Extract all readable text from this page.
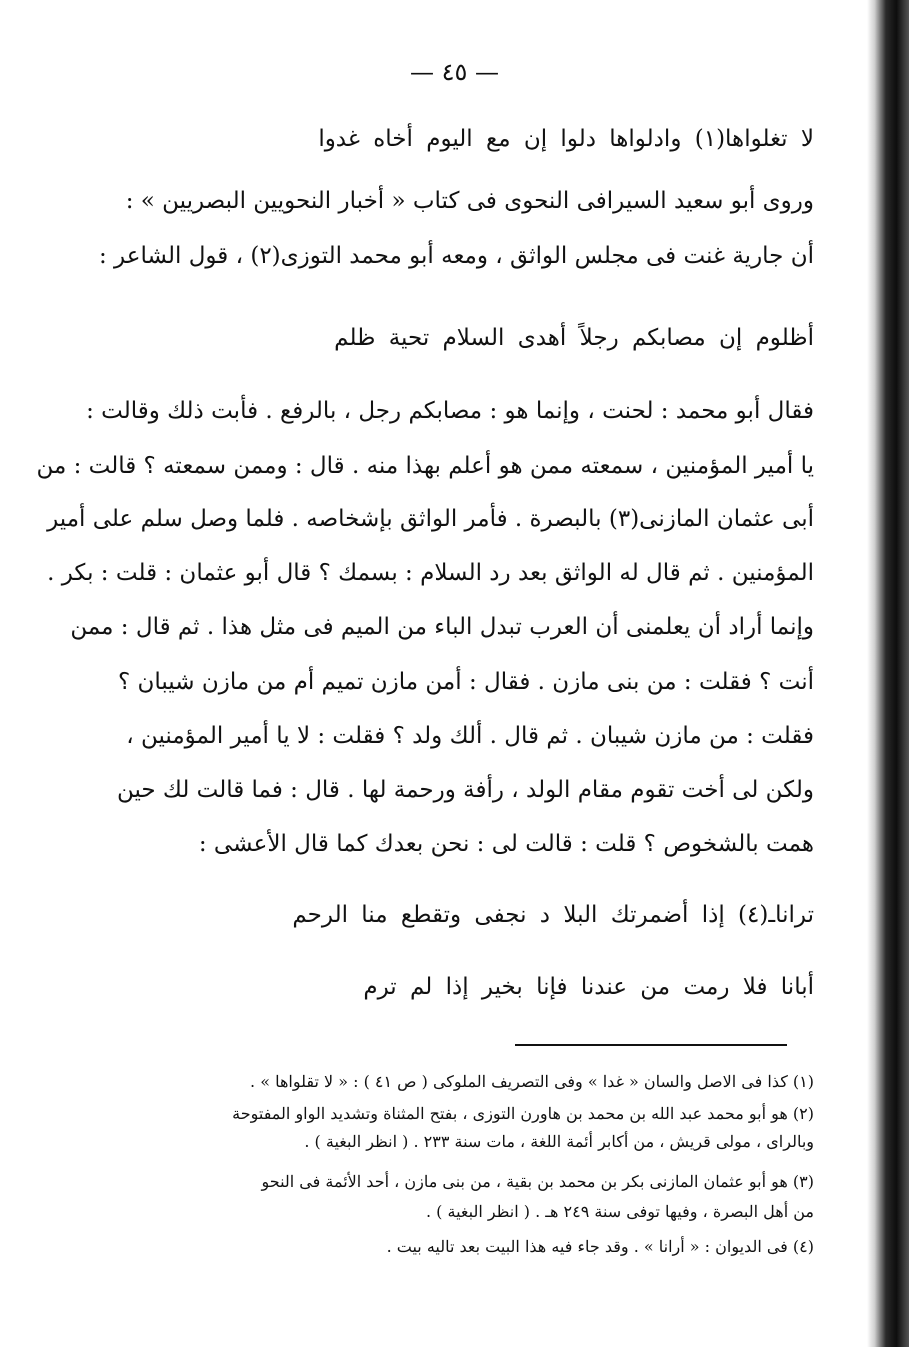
— ٤٥ —
لا تغلواها(١) وادلواها دلوا إن مع اليوم أخاه غدوا
وروى أبو سعيد السيرافى النحوى فى كتاب « أخبار النحويين البصريين » :
أن جارية غنت فى مجلس الواثق ، ومعه أبو محمد التوزى(٢) ، قول الشاعر :
أظلوم إن مصابكم رجلاً أهدى السلام تحية ظلم
فقال أبو محمد : لحنت ، وإنما هو : مصابكم رجل ، بالرفع . فأبت ذلك وقالت :
يا أمير المؤمنين ، سمعته ممن هو أعلم بهذا منه . قال : وممن سمعته ؟ قالت : من
أبى عثمان المازنى(٣) بالبصرة . فأمر الواثق بإشخاصه . فلما وصل سلم على أمير
المؤمنين . ثم قال له الواثق بعد رد السلام : بسمك ؟ قال أبو عثمان : قلت : بكر .
وإنما أراد أن يعلمنى أن العرب تبدل الباء من الميم فى مثل هذا . ثم قال : ممن
أنت ؟ فقلت : من بنى مازن . فقال : أمن مازن تميم أم من مازن شيبان ؟
فقلت : من مازن شيبان . ثم قال . ألك ولد ؟ فقلت : لا يا أمير المؤمنين ،
ولكن لى أخت تقوم مقام الولد ، رأفة ورحمة لها . قال : فما قالت لك حين
همت بالشخوص ؟ قلت : قالت لى : نحن بعدك كما قال الأعشى :
تراناـ(٤) إذا أضمرتك البلا د نجفى وتقطع منا الرحم
أبانا فلا رمت من عندنا فإنا بخير إذا لم ترم
(١) كذا فى الاصل والسان « غدا » وفى التصريف الملوكى ( ص ٤١ ) : « لا تقلواها » .
(٢) هو أبو محمد عبد الله بن محمد بن هاورن التوزى ، بفتح المثناة وتشديد الواو المفتوحة
وبالراى ، مولى قريش ، من أكابر أئمة اللغة ، مات سنة ٢٣٣ . ( انظر البغية ) .
(٣) هو أبو عثمان المازنى بكر بن محمد بن بقية ، من بنى مازن ، أحد الأئمة فى النحو
من أهل البصرة ، وفيها توفى سنة ٢٤٩ هـ . ( انظر البغية ) .
(٤) فى الديوان : « أرانا » . وقد جاء فيه هذا البيت بعد تاليه بيت .
